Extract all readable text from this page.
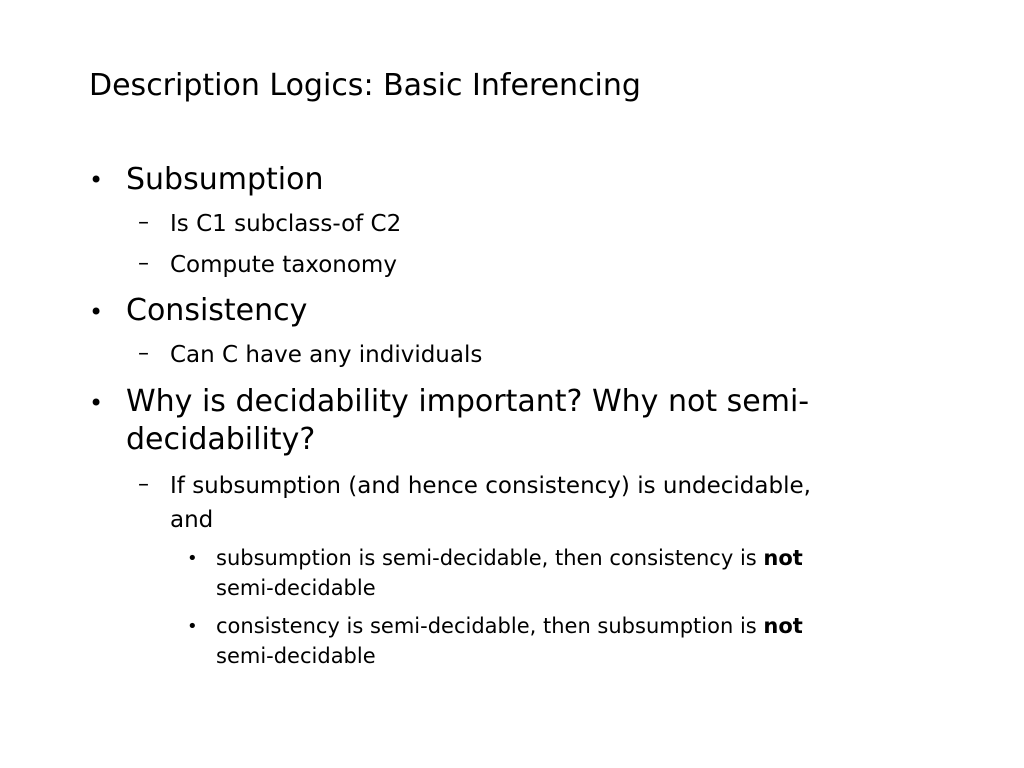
Description Logics: Basic Inferencing
• Subsumption
– Is C1 subclass-of C2
– Compute taxonomy
• Consistency
– Can C have any individuals
• Why is decidability important? Why not semi-
decidability?
– If subsumption (and hence consistency) is undecidable,
and
• subsumption is semi-decidable, then consistency is not
semi-decidable
• consistency is semi-decidable, then subsumption is not
semi-decidable
